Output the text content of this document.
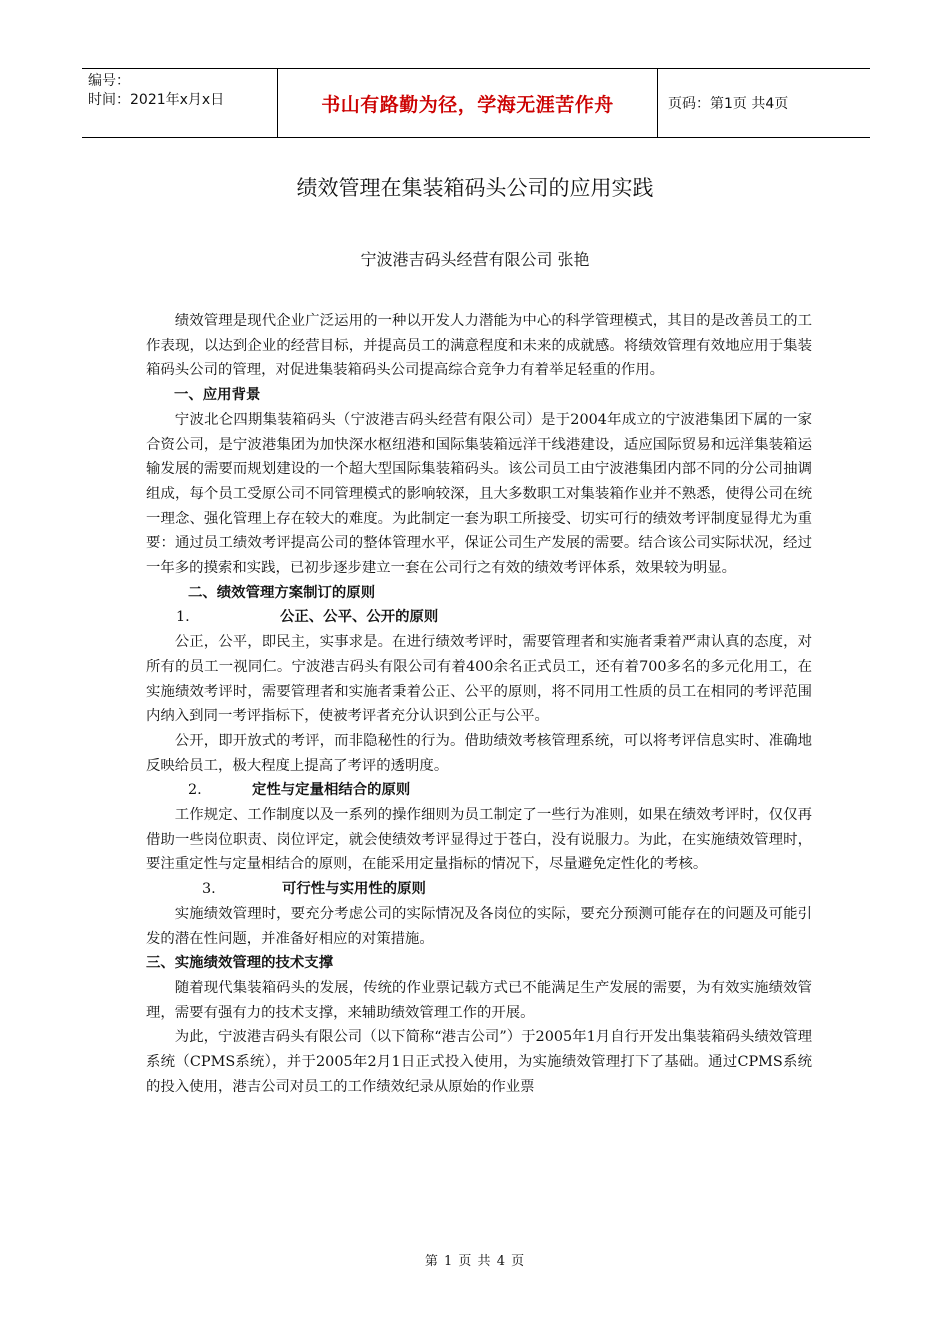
编号：
时间：2021年x月x日	书山有路勤为径，学海无涯苦作舟	页码：第1页 共4页
绩效管理在集装箱码头公司的应用实践
宁波港吉码头经营有限公司 张艳

绩效管理是现代企业广泛运用的一种以开发人力潜能为中心的科学管理模式，其目的是改善员工的工作表现，以达到企业的经营目标，并提高员工的满意程度和未来的成就感。将绩效管理有效地应用于集装箱码头公司的管理，对促进集装箱码头公司提高综合竞争力有着举足轻重的作用。

一、应用背景

宁波北仑四期集装箱码头（宁波港吉码头经营有限公司）是于2004年成立的宁波港集团下属的一家合资公司，是宁波港集团为加快深水枢纽港和国际集装箱远洋干线港建设，适应国际贸易和远洋集装箱运输发展的需要而规划建设的一个超大型国际集装箱码头。该公司员工由宁波港集团内部不同的分公司抽调组成，每个员工受原公司不同管理模式的影响较深，且大多数职工对集装箱作业并不熟悉，使得公司在统一理念、强化管理上存在较大的难度。为此制定一套为职工所接受、切实可行的绩效考评制度显得尤为重要：通过员工绩效考评提高公司的整体管理水平，保证公司生产发展的需要。结合该公司实际状况，经过一年多的摸索和实践，已初步逐步建立一套在公司行之有效的绩效考评体系，效果较为明显。

二、绩效管理方案制订的原则
1.	公正、公平、公开的原则

公正，公平，即民主，实事求是。在进行绩效考评时，需要管理者和实施者秉着严肃认真的态度，对所有的员工一视同仁。宁波港吉码头有限公司有着400余名正式员工，还有着700多名的多元化用工，在实施绩效考评时，需要管理者和实施者秉着公正、公平的原则，将不同用工性质的员工在相同的考评范围内纳入到同一考评指标下，使被考评者充分认识到公正与公平。

公开，即开放式的考评，而非隐秘性的行为。借助绩效考核管理系统，可以将考评信息实时、准确地反映给员工，极大程度上提高了考评的透明度。

2.	定性与定量相结合的原则

工作规定、工作制度以及一系列的操作细则为员工制定了一些行为准则，如果在绩效考评时，仅仅再借助一些岗位职责、岗位评定，就会使绩效考评显得过于苍白，没有说服力。为此，在实施绩效管理时，要注重定性与定量相结合的原则，在能采用定量指标的情况下，尽量避免定性化的考核。

3.	可行性与实用性的原则

实施绩效管理时，要充分考虑公司的实际情况及各岗位的实际，要充分预测可能存在的问题及可能引发的潜在性问题，并准备好相应的对策措施。

三、实施绩效管理的技术支撑

随着现代集装箱码头的发展，传统的作业票记载方式已不能满足生产发展的需要，为有效实施绩效管理，需要有强有力的技术支撑，来辅助绩效管理工作的开展。

为此，宁波港吉码头有限公司（以下简称“港吉公司”）于2005年1月自行开发出集装箱码头绩效管理系统（CPMS系统），并于2005年2月1日正式投入使用，为实施绩效管理打下了基础。通过CPMS系统的投入使用，港吉公司对员工的工作绩效纪录从原始的作业票

第 1 页 共 4 页
